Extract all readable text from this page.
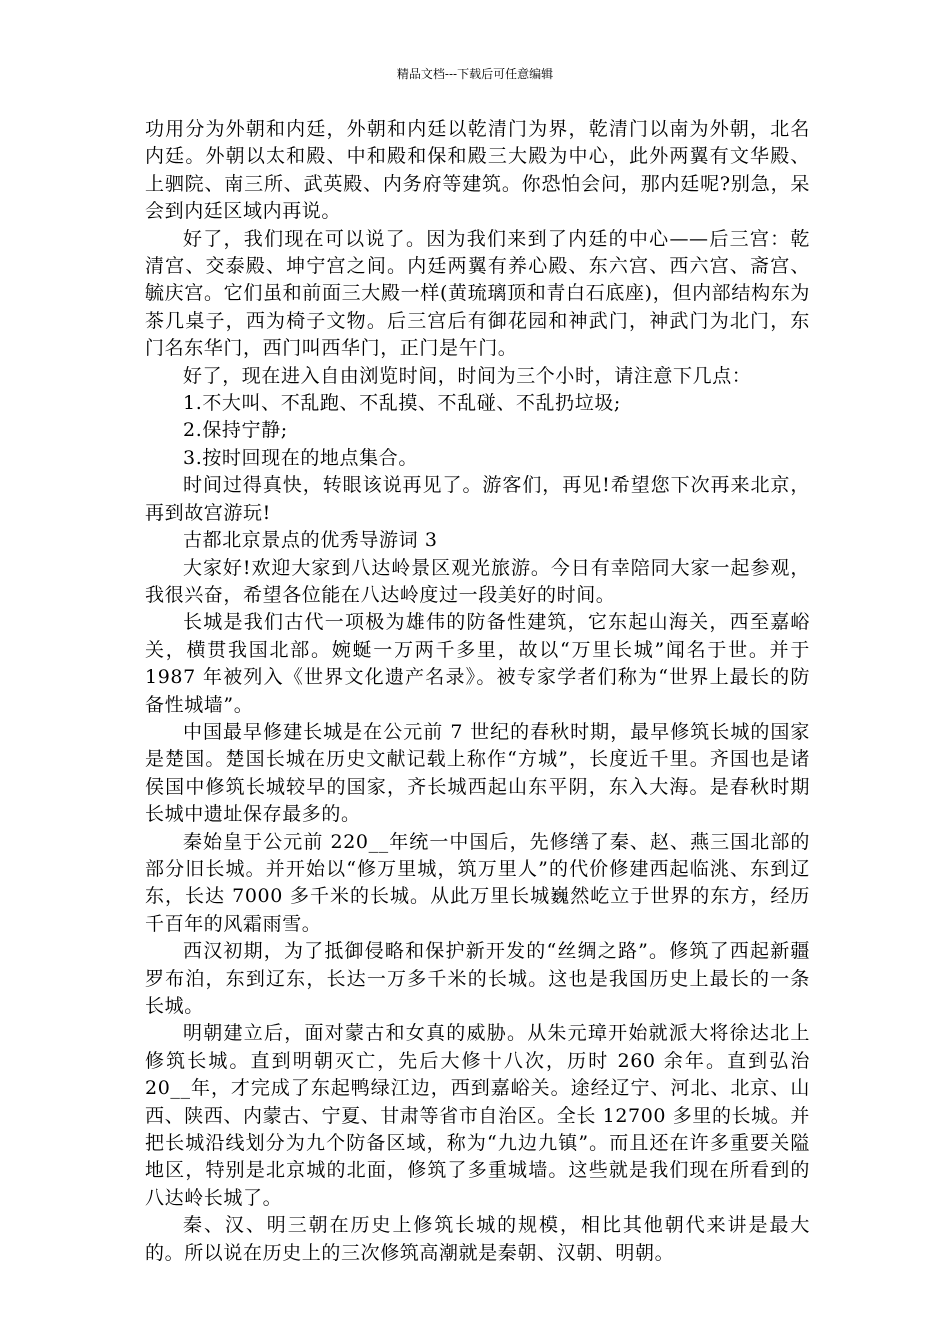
精品文档---下载后可任意编辑

功用分为外朝和内廷，外朝和内廷以乾清门为界，乾清门以南为外朝，北名内廷。外朝以太和殿、中和殿和保和殿三大殿为中心，此外两翼有文华殿、上驷院、南三所、武英殿、内务府等建筑。你恐怕会问，那内廷呢?别急，呆会到内廷区域内再说。

好了，我们现在可以说了。因为我们来到了内廷的中心——后三宫：乾清宫、交泰殿、坤宁宫之间。内廷两翼有养心殿、东六宫、西六宫、斋宫、毓庆宫。它们虽和前面三大殿一样(黄琉璃顶和青白石底座)，但内部结构东为茶几桌子，西为椅子文物。后三宫后有御花园和神武门，神武门为北门，东门名东华门，西门叫西华门，正门是午门。

好了，现在进入自由浏览时间，时间为三个小时，请注意下几点：

1.不大叫、不乱跑、不乱摸、不乱碰、不乱扔垃圾;

2.保持宁静;

3.按时回现在的地点集合。

时间过得真快，转眼该说再见了。游客们，再见!希望您下次再来北京，再到故宫游玩!

古都北京景点的优秀导游词 3

大家好!欢迎大家到八达岭景区观光旅游。今日有幸陪同大家一起参观，我很兴奋，希望各位能在八达岭度过一段美好的时间。

长城是我们古代一项极为雄伟的防备性建筑，它东起山海关，西至嘉峪关，横贯我国北部。婉蜒一万两千多里，故以“万里长城”闻名于世。并于 1987 年被列入《世界文化遗产名录》。被专家学者们称为“世界上最长的防备性城墙”。

中国最早修建长城是在公元前 7 世纪的春秋时期，最早修筑长城的国家是楚国。楚国长城在历史文献记载上称作“方城”，长度近千里。齐国也是诸侯国中修筑长城较早的国家，齐长城西起山东平阴，东入大海。是春秋时期长城中遗址保存最多的。

秦始皇于公元前 220__年统一中国后，先修缮了秦、赵、燕三国北部的部分旧长城。并开始以“修万里城，筑万里人”的代价修建西起临洮、东到辽东，长达 7000 多千米的长城。从此万里长城巍然屹立于世界的东方，经历千百年的风霜雨雪。

西汉初期，为了抵御侵略和保护新开发的“丝绸之路”。修筑了西起新疆罗布泊，东到辽东，长达一万多千米的长城。这也是我国历史上最长的一条长城。

明朝建立后，面对蒙古和女真的威胁。从朱元璋开始就派大将徐达北上修筑长城。直到明朝灭亡，先后大修十八次，历时 260 余年。直到弘治 20__年，才完成了东起鸭绿江边，西到嘉峪关。途经辽宁、河北、北京、山西、陕西、内蒙古、宁夏、甘肃等省市自治区。全长 12700 多里的长城。并把长城沿线划分为九个防备区域，称为“九边九镇”。而且还在许多重要关隘地区，特别是北京城的北面，修筑了多重城墙。这些就是我们现在所看到的八达岭长城了。

秦、汉、明三朝在历史上修筑长城的规模，相比其他朝代来讲是最大的。所以说在历史上的三次修筑高潮就是秦朝、汉朝、明朝。
